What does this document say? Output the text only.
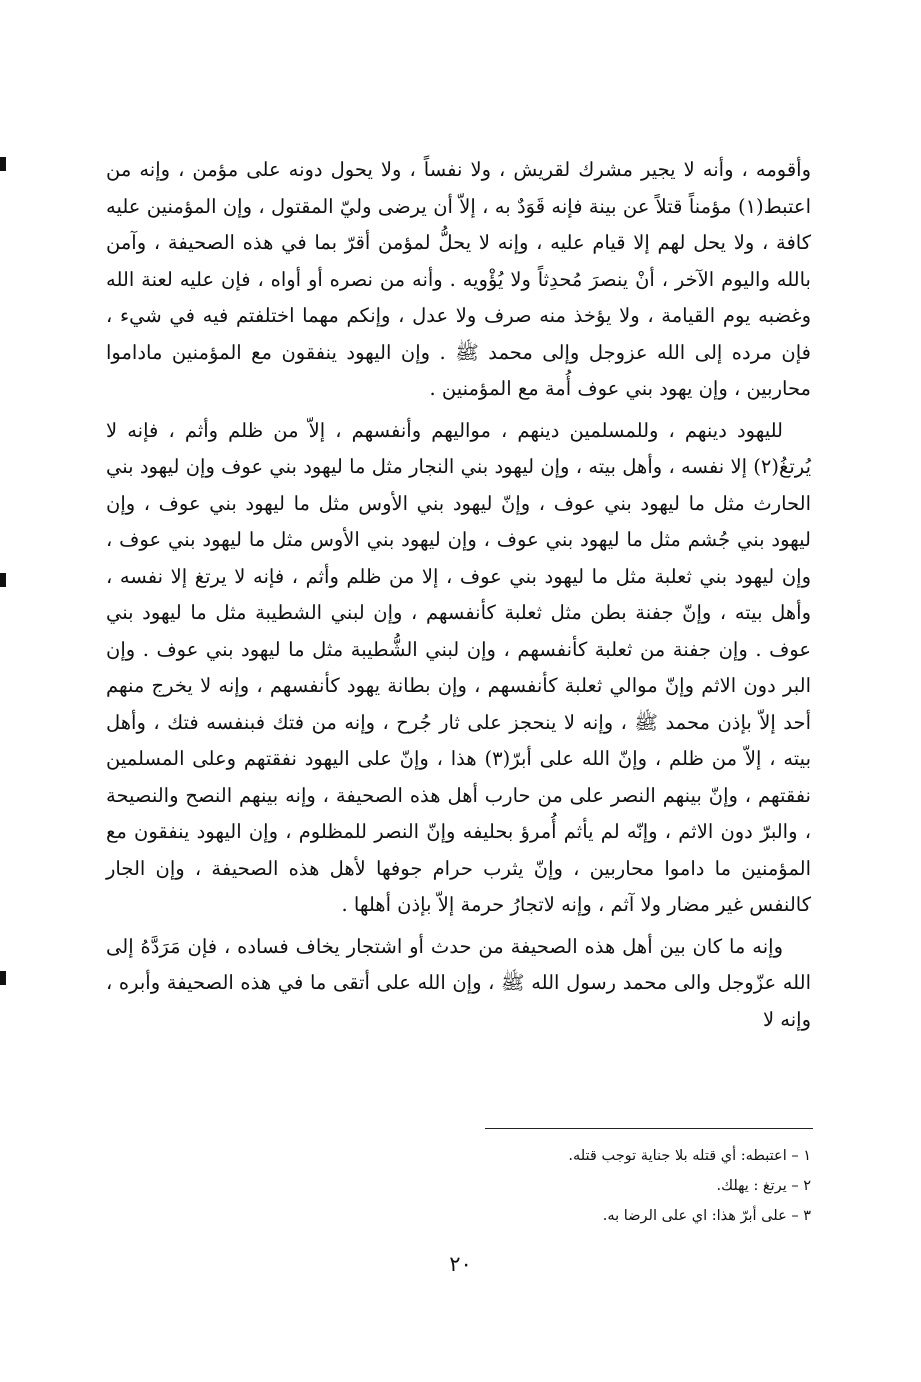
وأقومه ، وأنه لا يجير مشرك لقريش ، ولا نفساً ، ولا يحول دونه على مؤمن ، وإنه من اعتبط(١) مؤمناً قتلاً عن بينة فإنه قَوَدٌ به ، إلاّ أن يرضى وليّ المقتول ، وإن المؤمنين عليه كافة ، ولا يحل لهم إلا قيام عليه ، وإنه لا يحلُّ لمؤمن أقرّ بما في هذه الصحيفة ، وآمن بالله واليوم الآخر ، أنْ ينصرَ مُحدِثاً ولا يُؤْويه . وأنه من نصره أو أواه ، فإن عليه لعنة الله وغضبه يوم القيامة ، ولا يؤخذ منه صرف ولا عدل ، وإنكم مهما اختلفتم فيه في شيء ، فإن مرده إلى الله عزوجل وإلى محمد ﷺ . وإن اليهود ينفقون مع المؤمنين ماداموا محاربين ، وإن يهود بني عوف أُمة مع المؤمنين .

لليهود دينهم ، وللمسلمين دينهم ، مواليهم وأنفسهم ، إلاّ من ظلم وأثم ، فإنه لا يُرتغُ(٢) إلا نفسه ، وأهل بيته ، وإن ليهود بني النجار مثل ما ليهود بني عوف وإن ليهود بني الحارث مثل ما ليهود بني عوف ، وإنّ ليهود بني الأوس مثل ما ليهود بني عوف ، وإن ليهود بني جُشم مثل ما ليهود بني عوف ، وإن ليهود بني الأوس مثل ما ليهود بني عوف ، وإن ليهود بني ثعلبة مثل ما ليهود بني عوف ، إلا من ظلم وأثم ، فإنه لا يرتغ إلا نفسه ، وأهل بيته ، وإنّ جفنة بطن مثل ثعلبة كأنفسهم ، وإن لبني الشطيبة مثل ما ليهود بني عوف . وإن جفنة من ثعلبة كأنفسهم ، وإن لبني الشُّطيبة مثل ما ليهود بني عوف . وإن البر دون الاثم وإنّ موالي ثعلبة كأنفسهم ، وإن بطانة يهود كأنفسهم ، وإنه لا يخرج منهم أحد إلاّ بإذن محمد ﷺ ، وإنه لا ينحجز على ثار جُرح ، وإنه من فتك فبنفسه فتك ، وأهل بيته ، إلاّ من ظلم ، وإنّ الله على أبرّ(٣) هذا ، وإنّ على اليهود نفقتهم وعلى المسلمين نفقتهم ، وإنّ بينهم النصر على من حارب أهل هذه الصحيفة ، وإنه بينهم النصح والنصيحة ، والبرّ دون الاثم ، وإنّه لم يأثم أُمرؤ بحليفه وإنّ النصر للمظلوم ، وإن اليهود ينفقون مع المؤمنين ما داموا محاربين ، وإنّ يثرب حرام جوفها لأهل هذه الصحيفة ، وإن الجار كالنفس غير مضار ولا آثم ، وإنه لاتجارُ حرمة إلاّ بإذن أهلها .

وإنه ما كان بين أهل هذه الصحيفة من حدث أو اشتجار يخاف فساده ، فإن مَرَدَّهُ إلى الله عزّوجل والى محمد رسول الله ﷺ ، وإن الله على أتقى ما في هذه الصحيفة وأبره ، وإنه لا

١ – اعتبطه: أي قتله بلا جناية توجب قتله.

٢ – يرتغ : يهلك.

٣ – على أبرّ هذا: اي على الرضا به.

٢٠
